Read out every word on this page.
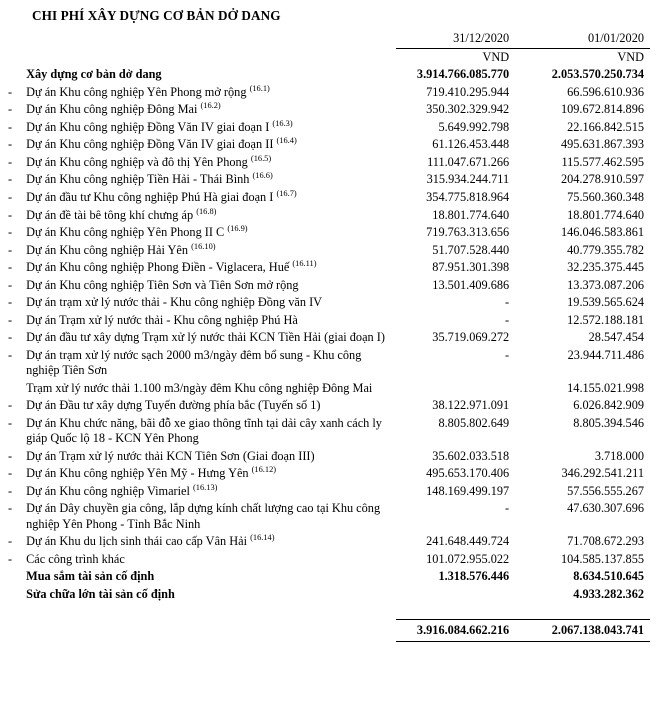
CHI PHÍ XÂY DỰNG CƠ BẢN DỞ DANG
		31/12/2020	01/01/2020
		VND	VND
	Xây dựng cơ bản dở dang	3.914.766.085.770	2.053.570.250.734
-	Dự án Khu công nghiệp Yên Phong mở rộng $^{(16.1)}$	719.410.295.944	66.596.610.936
-	Dự án Khu công nghiệp Đông Mai $^{(16.2)}$	350.302.329.942	109.672.814.896
-	Dự án Khu công nghiệp Đồng Văn IV giai đoạn I $^{(16.3)}$	5.649.992.798	22.166.842.515
-	Dự án Khu công nghiệp Đồng Văn IV giai đoạn II $^{(16.4)}$	61.126.453.448	495.631.867.393
-	Dự án Khu công nghiệp và đô thị Yên Phong $^{(16.5)}$	111.047.671.266	115.577.462.595
-	Dự án Khu công nghiệp Tiền Hải - Thái Bình $^{(16.6)}$	315.934.244.711	204.278.910.597
-	Dự án đầu tư Khu công nghiệp Phú Hà giai đoạn I $^{(16.7)}$	354.775.818.964	75.560.360.348
-	Dự án đề tài bê tông khí chưng áp $^{(16.8)}$	18.801.774.640	18.801.774.640
-	Dự án Khu công nghiệp Yên Phong II C $^{(16.9)}$	719.763.313.656	146.046.583.861
-	Dự án Khu công nghiệp Hải Yên $^{(16.10)}$	51.707.528.440	40.779.355.782
-	Dự án Khu công nghiệp Phong Điền - Viglacera, Huế $^{(16.11)}$	87.951.301.398	32.235.375.445
-	Dự án Khu công nghiệp Tiên Sơn và Tiên Sơn mở rộng	13.501.409.686	13.373.087.206
-	Dự án trạm xử lý nước thải - Khu công nghiệp Đồng văn IV	-	19.539.565.624
-	Dự án Trạm xử lý nước thải - Khu công nghiệp Phú Hà	-	12.572.188.181
-	Dự án đầu tư xây dựng Trạm xử lý nước thải KCN Tiền Hải (giai đoạn I)	35.719.069.272	28.547.454
-	Dự án trạm xử lý nước sạch 2000 m3/ngày đêm bổ sung - Khu công nghiệp Tiên Sơn	-	23.944.711.486
	Trạm xử lý nước thải 1.100 m3/ngày đêm Khu công nghiệp Đông Mai		14.155.021.998
-	Dự án Đầu tư xây dựng Tuyến đường phía bắc (Tuyến số 1)	38.122.971.091	6.026.842.909
-	Dự án Khu chức năng, bãi đỗ xe giao thông tĩnh tại dải cây xanh cách ly giáp Quốc lộ 18 - KCN Yên Phong	8.805.802.649	8.805.394.546
-	Dự án Trạm xử lý nước thải KCN Tiên Sơn (Giai đoạn III)	35.602.033.518	3.718.000
-	Dự án Khu công nghiệp Yên Mỹ - Hưng Yên $^{(16.12)}$	495.653.170.406	346.292.541.211
-	Dự án Khu công nghiệp Vimariel $^{(16.13)}$	148.169.499.197	57.556.555.267
-	Dự án Dây chuyền gia công, lắp dựng kính chất lượng cao tại Khu công nghiệp Yên Phong - Tỉnh Bắc Ninh	-	47.630.307.696
-	Dự án Khu du lịch sinh thái cao cấp Vân Hải $^{(16.14)}$	241.648.449.724	71.708.672.293
-	Các công trình khác	101.072.955.022	104.585.137.855
	Mua sắm tài sản cố định	1.318.576.446	8.634.510.645
	Sửa chữa lớn tài sản cố định		4.933.282.362
		3.916.084.662.216	2.067.138.043.741
